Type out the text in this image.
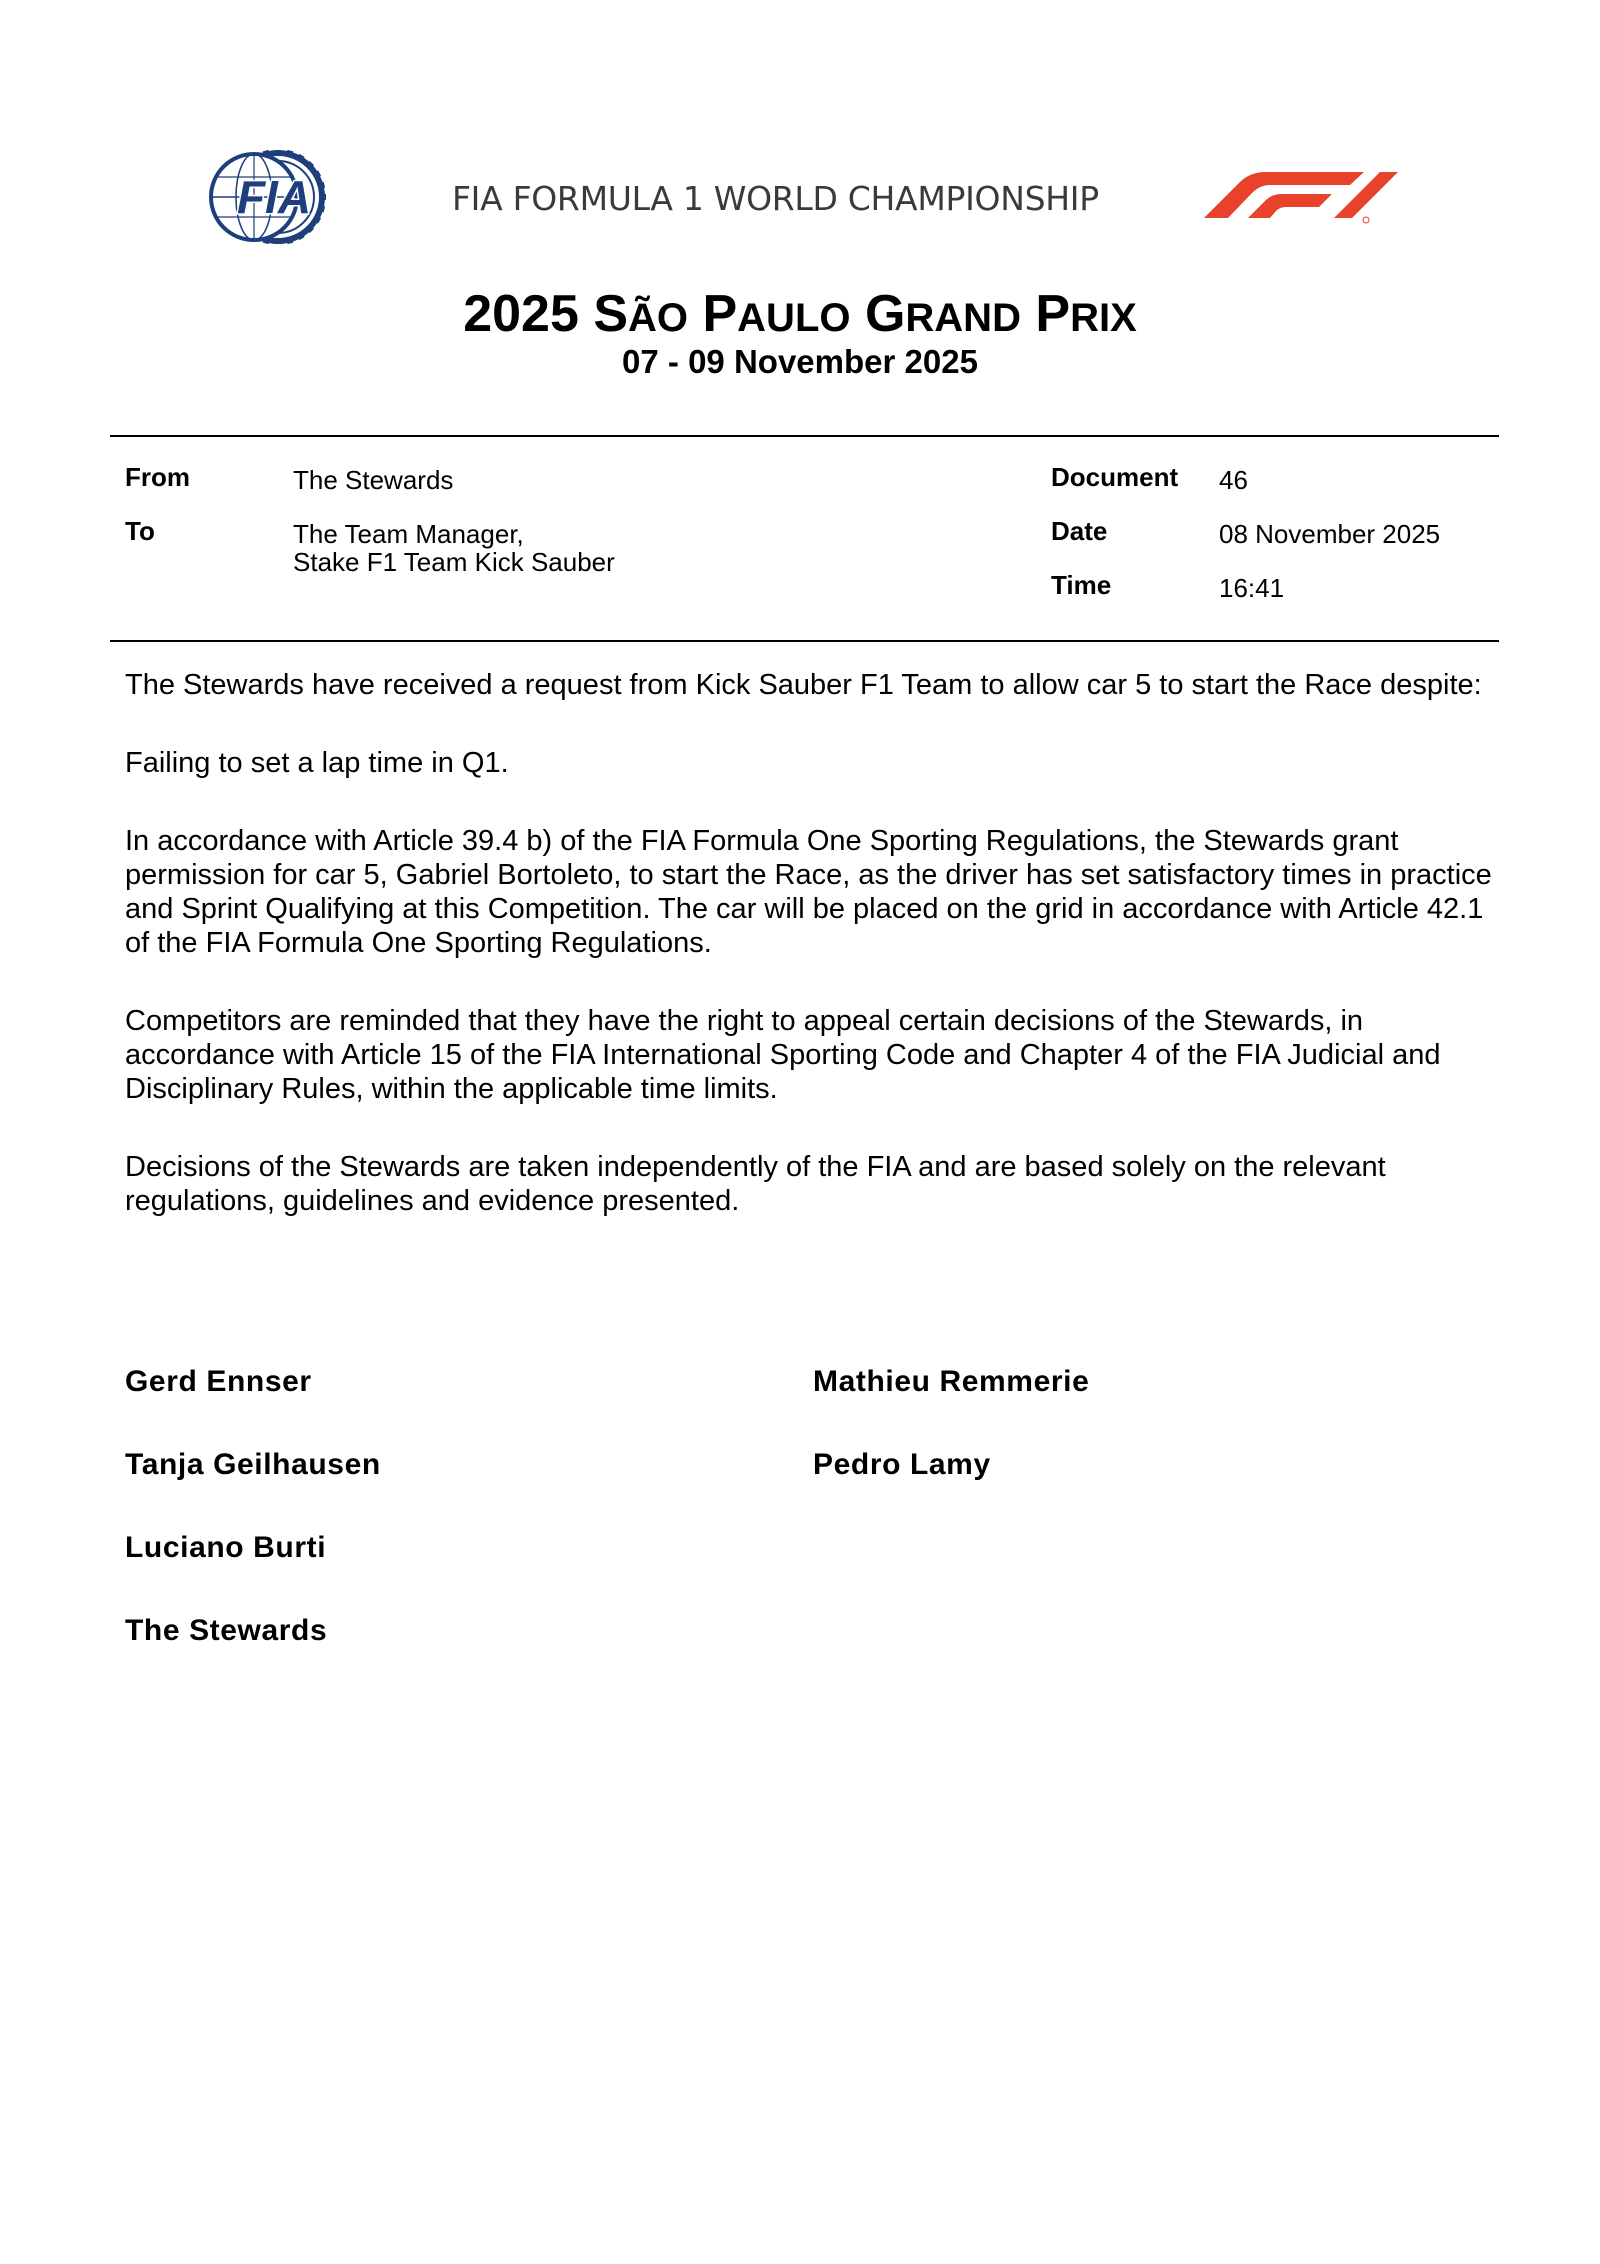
FIA	FIA FORMULA 1 WORLD CHAMPIONSHIP
2025 SÃO PAULO GRAND PRIX
07 - 09 November 2025
From	The Stewards
To	The Team Manager,
Stake F1 Team Kick Sauber
Document 46
Date	08 November 2025
Time	16:41

The Stewards have received a request from Kick Sauber F1 Team to allow car 5 to start the Race despite:

Failing to set a lap time in Q1.

In accordance with Article 39.4 b) of the FIA Formula One Sporting Regulations, the Stewards grant permission for car 5, Gabriel Bortoleto, to start the Race, as the driver has set satisfactory times in practice and Sprint Qualifying at this Competition. The car will be placed on the grid in accordance with Article 42.1 of the FIA Formula One Sporting Regulations.

Competitors are reminded that they have the right to appeal certain decisions of the Stewards, in accordance with Article 15 of the FIA International Sporting Code and Chapter 4 of the FIA Judicial and Disciplinary Rules, within the applicable time limits.

Decisions of the Stewards are taken independently of the FIA and are based solely on the relevant regulations, guidelines and evidence presented.

Gerd Ennser
Tanja Geilhausen
Luciano Burti
The Stewards
Mathieu Remmerie
Pedro Lamy
